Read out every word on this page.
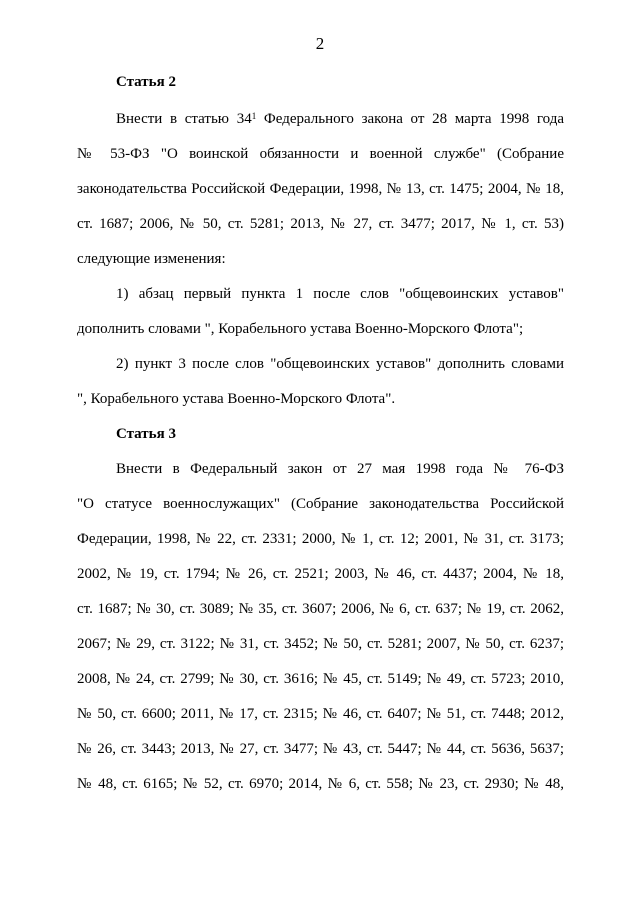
2
Статья 2
Внести в статью $34^1$ Федерального закона от 28 марта 1998 года
№ 53-ФЗ "О воинской обязанности и военной службе" (Собрание
законодательства Российской Федерации, 1998, № 13, ст. 1475; 2004, № 18,
ст. 1687; 2006, № 50, ст. 5281; 2013, № 27, ст. 3477; 2017, № 1, ст. 53)
следующие изменения:
1) абзац первый пункта 1 после слов "общевоинских уставов"
дополнить словами ", Корабельного устава Военно-Морского Флота";
2) пункт 3 после слов "общевоинских уставов" дополнить словами
", Корабельного устава Военно-Морского Флота".
Статья 3
Внести в Федеральный закон от 27 мая 1998 года № 76-ФЗ
"О статусе военнослужащих" (Собрание законодательства Российской
Федерации, 1998, № 22, ст. 2331; 2000, № 1, ст. 12; 2001, № 31, ст. 3173;
2002, № 19, ст. 1794; № 26, ст. 2521; 2003, № 46, ст. 4437; 2004, № 18,
ст. 1687; № 30, ст. 3089; № 35, ст. 3607; 2006, № 6, ст. 637; № 19, ст. 2062,
2067; № 29, ст. 3122; № 31, ст. 3452; № 50, ст. 5281; 2007, № 50, ст. 6237;
2008, № 24, ст. 2799; № 30, ст. 3616; № 45, ст. 5149; № 49, ст. 5723; 2010,
№ 50, ст. 6600; 2011, № 17, ст. 2315; № 46, ст. 6407; № 51, ст. 7448; 2012,
№ 26, ст. 3443; 2013, № 27, ст. 3477; № 43, ст. 5447; № 44, ст. 5636, 5637;
№ 48, ст. 6165; № 52, ст. 6970; 2014, № 6, ст. 558; № 23, ст. 2930; № 48,
